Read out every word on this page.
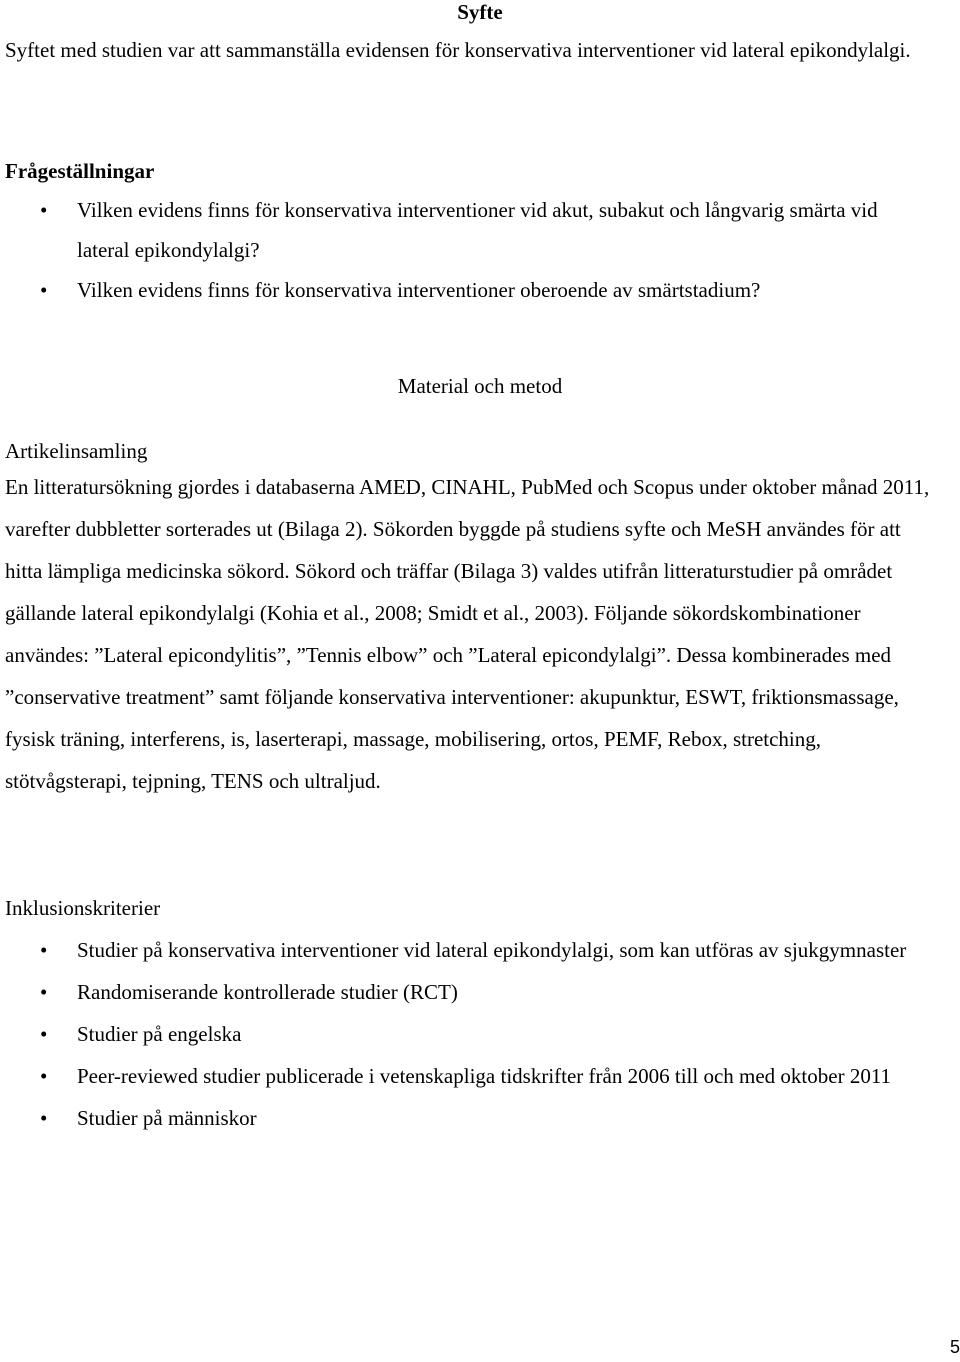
Syfte
Syftet med studien var att sammanställa evidensen för konservativa interventioner vid lateral epikondylalgi.
Frågeställningar
• Vilken evidens finns för konservativa interventioner vid akut, subakut och långvarig smärta vid lateral epikondylalgi?
• Vilken evidens finns för konservativa interventioner oberoende av smärtstadium?
Material och metod
Artikelinsamling
En litteratursökning gjordes i databaserna AMED, CINAHL, PubMed och Scopus under oktober månad 2011, varefter dubbletter sorterades ut (Bilaga 2). Sökorden byggde på studiens syfte och MeSH användes för att hitta lämpliga medicinska sökord. Sökord och träffar (Bilaga 3) valdes utifrån litteraturstudier på området gällande lateral epikondylalgi (Kohia et al., 2008; Smidt et al., 2003). Följande sökordskombinationer användes: ”Lateral epicondylitis”, ”Tennis elbow” och ”Lateral epicondylalgi”. Dessa kombinerades med ”conservative treatment” samt följande konservativa interventioner: akupunktur, ESWT, friktionsmassage, fysisk träning, interferens, is, laserterapi, massage, mobilisering, ortos, PEMF, Rebox, stretching, stötvågsterapi, tejpning, TENS och ultraljud.
Inklusionskriterier
• Studier på konservativa interventioner vid lateral epikondylalgi, som kan utföras av sjukgymnaster
• Randomiserande kontrollerade studier (RCT)
• Studier på engelska
• Peer-reviewed studier publicerade i vetenskapliga tidskrifter från 2006 till och med oktober 2011
• Studier på människor
5
